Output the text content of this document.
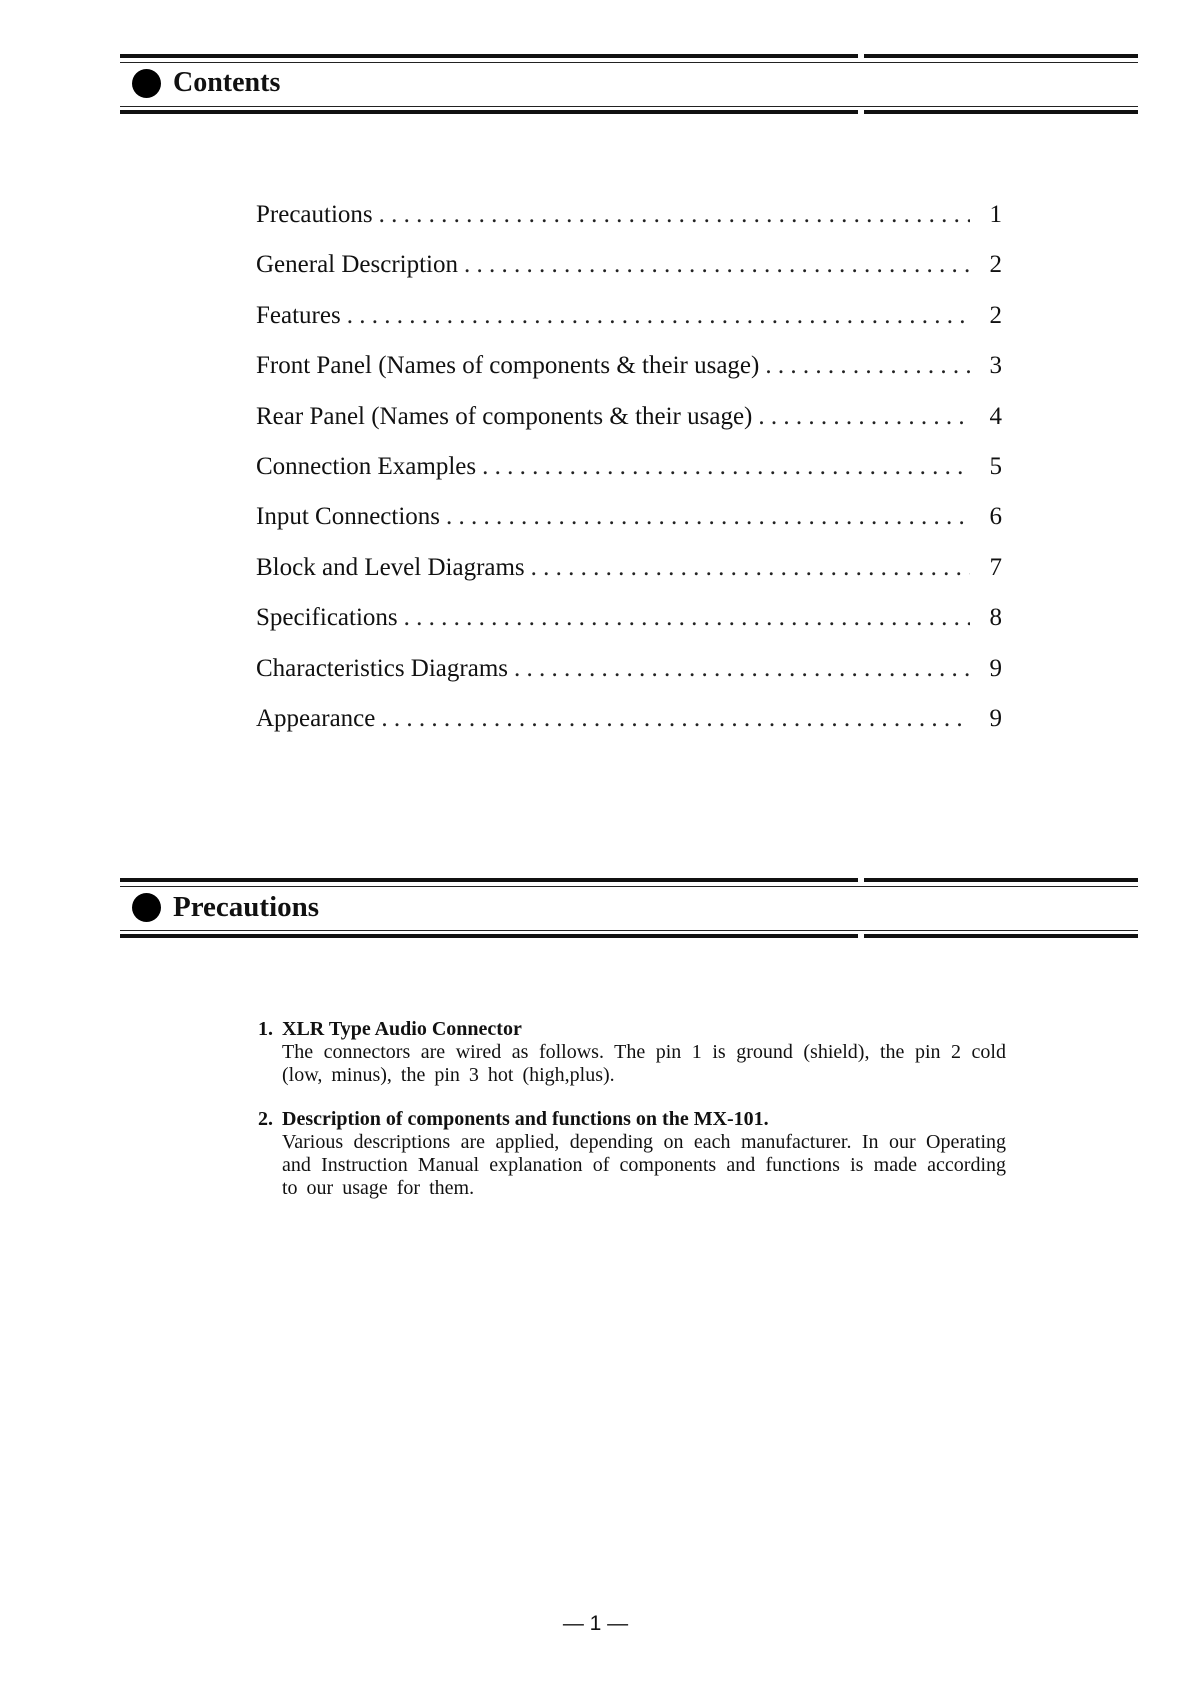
Contents
Precautions . . .	1
General Description . . .	2
Features . . .	2
Front Panel (Names of components & their usage) . . .	3
Rear Panel (Names of components & their usage) . . .	4
Connection Examples . . .	5
Input Connections . . .	6
Block and Level Diagrams . . .	7
Specifications . . .	8
Characteristics Diagrams . . .	9
Appearance . . .	9
Precautions
1. XLR Type Audio Connector
The connectors are wired as follows. The pin 1 is ground (shield), the pin 2 cold (low, minus), the pin 3 hot (high,plus).
2. Description of components and functions on the MX-101.
Various descriptions are applied, depending on each manufacturer. In our Operating and Instruction Manual explanation of components and functions is made according to our usage for them.
— 1 —
